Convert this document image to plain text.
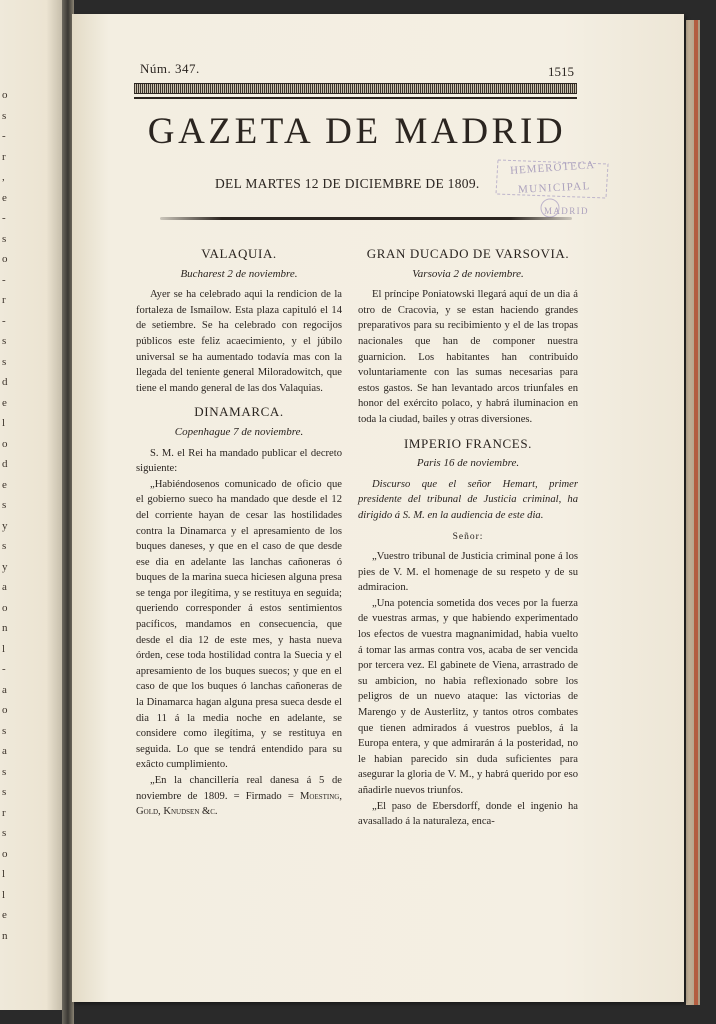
o
s
-
r
,
e
-
s
o
-
r
-
s
s
d
e
l
o
d
e
s
y
s
y
a
o
n
l
-
a
o
s
a
s
s
r
s
o
l
l
e
n
Núm. 347.	1515
GAZETA DE MADRID
DEL MARTES 12 DE DICIEMBRE DE 1809.
HEMEROTECA
MUNICIPAL
MADRID

VALAQUIA.

Bucharest 2 de noviembre.

Ayer se ha celebrado aqui la rendicion de la fortaleza de Ismailow. Esta plaza capituló el 14 de setiembre. Se ha celebrado con regocijos públicos este feliz acaecimiento, y el júbilo universal se ha aumentado todavía mas con la llegada del teniente general Miloradowitch, que tiene el mando general de las dos Valaquias.

DINAMARCA.

Copenhague 7 de noviembre.

S. M. el Rei ha mandado publicar el decreto siguiente:

„Habiéndosenos comunicado de oficio que el gobierno sueco ha mandado que desde el 12 del corriente hayan de cesar las hostilidades contra la Dinamarca y el apresamiento de los buques daneses, y que en el caso de que desde ese dia en adelante las lanchas cañoneras ó buques de la marina sueca hiciesen alguna presa se tenga por ilegítima, y se restituya en seguida; queriendo corresponder á estos sentimientos pacíficos, mandamos en consecuencia, que desde el dia 12 de este mes, y hasta nueva órden, cese toda hostilidad contra la Suecia y el apresamiento de los buques suecos; y que en el caso de que los buques ó lanchas cañoneras de la Dinamarca hagan alguna presa sueca desde el dia 11 á la media noche en adelante, se considere como ilegítima, y se restituya en seguida. Lo que se tendrá entendido para su exâcto cumplimiento.

„En la chancillería real danesa á 5 de noviembre de 1809. = Firmado = Moesting, Gold, Knudsen &c.

GRAN DUCADO DE VARSOVIA.

Varsovia 2 de noviembre.

El príncipe Poniatowski llegará aquí de un dia á otro de Cracovia, y se estan haciendo grandes preparativos para su recibimiento y el de las tropas nacionales que han de componer nuestra guarnicion. Los habitantes han contribuido voluntariamente con las sumas necesarias para estos gastos. Se han levantado arcos triunfales en honor del exército polaco, y habrá iluminacion en toda la ciudad, bailes y otras diversiones.

IMPERIO FRANCES.

Paris 16 de noviembre.

Discurso que el señor Hemart, primer presidente del tribunal de Justicia criminal, ha dirigido á S. M. en la audiencia de este dia.

Señor:

„Vuestro tribunal de Justicia criminal pone á los pies de V. M. el homenage de su respeto y de su admiracion.

„Una potencia sometida dos veces por la fuerza de vuestras armas, y que habiendo experimentado los efectos de vuestra magnanimidad, habia vuelto á tomar las armas contra vos, acaba de ser vencida por tercera vez. El gabinete de Viena, arrastrado de su ambicion, no habia reflexionado sobre los peligros de un nuevo ataque: las victorias de Marengo y de Austerlitz, y tantos otros combates que tienen admirados á vuestros pueblos, á la Europa entera, y que admirarán á la posteridad, no le habian parecido sin duda suficientes para asegurar la gloria de V. M., y habrá querido por eso añadirle nuevos triunfos.

„El paso de Ebersdorff, donde el ingenio ha avasallado á la naturaleza, enca-
